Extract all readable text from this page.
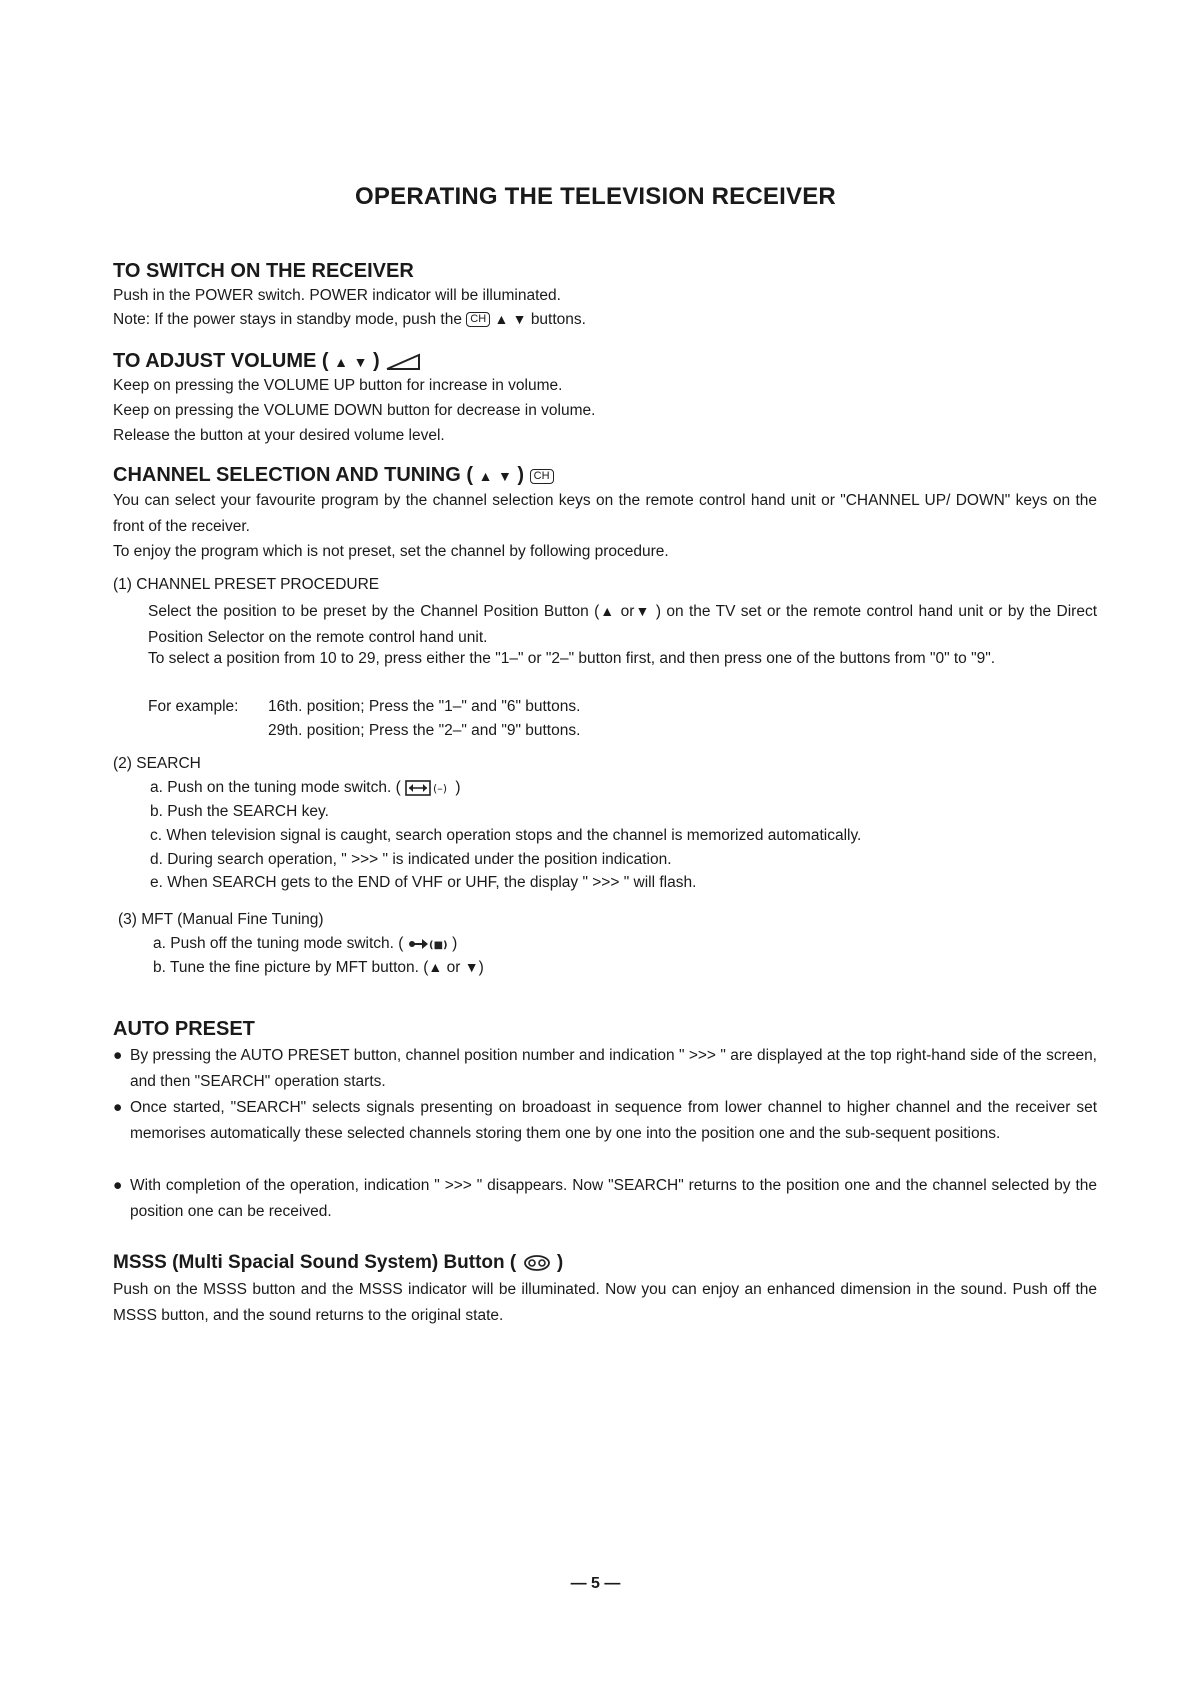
OPERATING THE TELEVISION RECEIVER
TO SWITCH ON THE RECEIVER
Push in the POWER switch. POWER indicator will be illuminated.
Note: If the power stays in standby mode, push the CH ▲ ▼ buttons.
TO ADJUST VOLUME ( ▲ ▼ )
Keep on pressing the VOLUME UP button for increase in volume.
Keep on pressing the VOLUME DOWN button for decrease in volume.
Release the button at your desired volume level.
CHANNEL SELECTION AND TUNING ( ▲ ▼ ) CH
You can select your favourite program by the channel selection keys on the remote control hand unit or "CHANNEL UP/ DOWN" keys on the front of the receiver.
To enjoy the program which is not preset, set the channel by following procedure.
(1) CHANNEL PRESET PROCEDURE
Select the position to be preset by the Channel Position Button (▲ or▼ ) on the TV set or the remote control hand unit or by the Direct Position Selector on the remote control hand unit.
To select a position from 10 to 29, press either the "1–" or "2–" button first, and then press one of the buttons from "0" to "9".
For example: 16th. position; Press the "1–" and "6" buttons.
29th. position; Press the "2–" and "9" buttons.
(2) SEARCH
a. Push on the tuning mode switch. (	(–) )
b. Push the SEARCH key.
c. When television signal is caught, search operation stops and the channel is memorized automatically.
d. During search operation, " >>> " is indicated under the position indication.
e. When SEARCH gets to the END of VHF or UHF, the display " >>> " will flash.
(3) MFT (Manual Fine Tuning)
a. Push off the tuning mode switch. (	(■) )
b. Tune the fine picture by MFT button. (▲ or ▼)
AUTO PRESET
● By pressing the AUTO PRESET button, channel position number and indication " >>> " are displayed at the top right-hand side of the screen, and then "SEARCH" operation starts.
● Once started, "SEARCH" selects signals presenting on broadoast in sequence from lower channel to higher channel and the receiver set memorises automatically these selected channels storing them one by one into the position one and the sub-sequent positions.
● With completion of the operation, indication " >>> " disappears. Now "SEARCH" returns to the position one and the channel selected by the position one can be received.
MSSS (Multi Spacial Sound System) Button ( )
Push on the MSSS button and the MSSS indicator will be illuminated. Now you can enjoy an enhanced dimension in the sound. Push off the MSSS button, and the sound returns to the original state.
— 5 —
